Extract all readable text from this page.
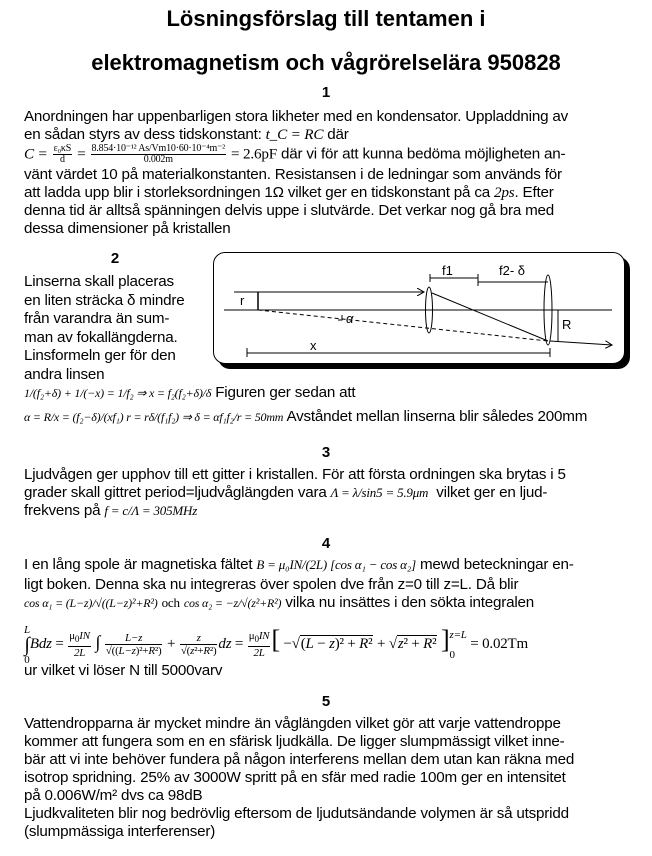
Lösningsförslag till tentamen i
elektromagnetism och vågrörelselära 950828
1
Anordningen har uppenbarligen stora likheter med en kondensator. Uppladdning av
en sådan styrs av dess tidskonstant: t_C = RC där
$C = \frac{\text{ε₀κS}}{d} = \frac{\text{8.854·10⁻¹² As/Vm10·60·10⁻⁴m⁻²}}{0.002m} = 2.6pF$ där vi för att kunna bedöma möjligheten an-
vänt värdet 10 på materialkonstanten. Resistansen i de ledningar som används för
att ladda upp blir i storleksordningen 1Ω vilket ger en tidskonstant på ca 2ps. Efter
denna tid är alltså spänningen delvis uppe i slutvärde. Det verkar nog gå bra med
dessa dimensioner på kristallen
2
Linserna skall placeras
en liten sträcka δ mindre
från varandra än sum-
man av fokallängderna.
Linsformeln ger för den
andra linsen
1/(f₂+δ) + 1/(−x) = 1/f₂ ⇒ x = f₂(f₂+δ)/δ Figuren ger sedan att
α = R/x = (f₂−δ)/(xf₁) r = rδ/(f₁f₂) ⇒ δ = αf₁f₂/r = 50mm Avståndet mellan linserna blir således 200mm
r
α	R
f1	f2- δ
x
3
Ljudvågen ger upphov till ett gitter i kristallen. För att första ordningen ska brytas i 5
grader skall gittret period=ljudvåglängden vara Λ = λ/sin5 = 5.9μm vilket ger en ljud-
frekvens på f = c/Λ = 305MHz
4
I en lång spole är magnetiska fältet B = μ₀IN/(2L) [cos α₁ − cos α₂] mewd beteckningar en-
ligt boken. Denna ska nu integreras över spolen dve från z=0 till z=L. Då blir
cos α₁ = (L−z)/√((L−z)²+R²) och cos α₂ = −z/√(z²+R²) vilka nu insättes i den sökta integralen
L
∫
$0Bdz = \frac{\mu_0IN}{2L}$ ∫ $\frac{L-z}{\text{√((L−z)²+R²)}} + \frac{z}{\text{√(z²+R²)}}$ dz = $\frac{\mu_0IN}{2L}$ [ −√(L − z)² + R² + √z² + R² ]z=L
0 = 0.02Tm
ur vilket vi löser N till 5000varv
5
Vattendropparna är mycket mindre än våglängden vilket gör att varje vattendroppe
kommer att fungera som en en sfärisk ljudkälla. De ligger slumpmässigt vilket inne-
bär att vi inte behöver fundera på någon interferens mellan dem utan kan räkna med
isotrop spridning. 25% av 3000W spritt på en sfär med radie 100m ger en intensitet
på 0.006W/m² dvs ca 98dB
Ljudkvaliteten blir nog bedrövlig eftersom de ljudutsändande volymen är så utspridd
(slumpmässiga interferenser)
